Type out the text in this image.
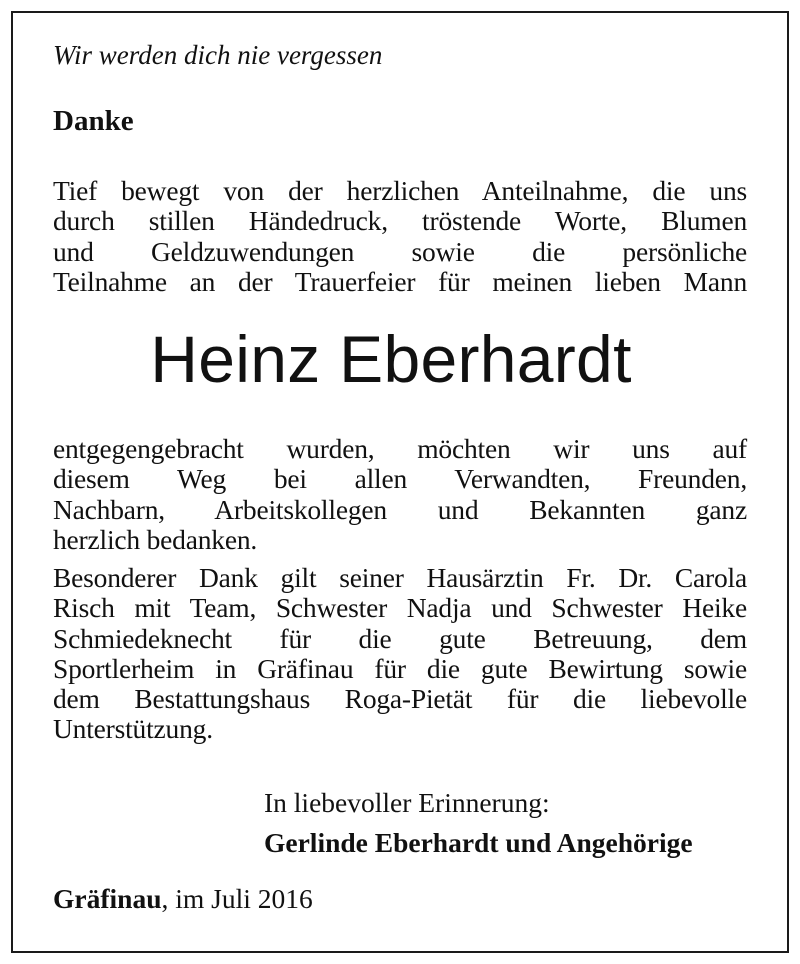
Wir werden dich nie vergessen
Danke
Tief bewegt von der herzlichen Anteilnahme, die uns
durch stillen Händedruck, tröstende Worte, Blumen
und Geldzuwendungen sowie die persönliche
Teilnahme an der Trauerfeier für meinen lieben Mann
Heinz Eberhardt
entgegengebracht wurden, möchten wir uns auf
diesem Weg bei allen Verwandten, Freunden,
Nachbarn, Arbeitskollegen und Bekannten ganz
herzlich bedanken.
Besonderer Dank gilt seiner Hausärztin Fr. Dr. Carola
Risch mit Team, Schwester Nadja und Schwester Heike
Schmiedeknecht für die gute Betreuung, dem
Sportlerheim in Gräfinau für die gute Bewirtung sowie
dem Bestattungshaus Roga-Pietät für die liebevolle
Unterstützung.
In liebevoller Erinnerung:
Gerlinde Eberhardt und Angehörige
Gräfinau, im Juli 2016
